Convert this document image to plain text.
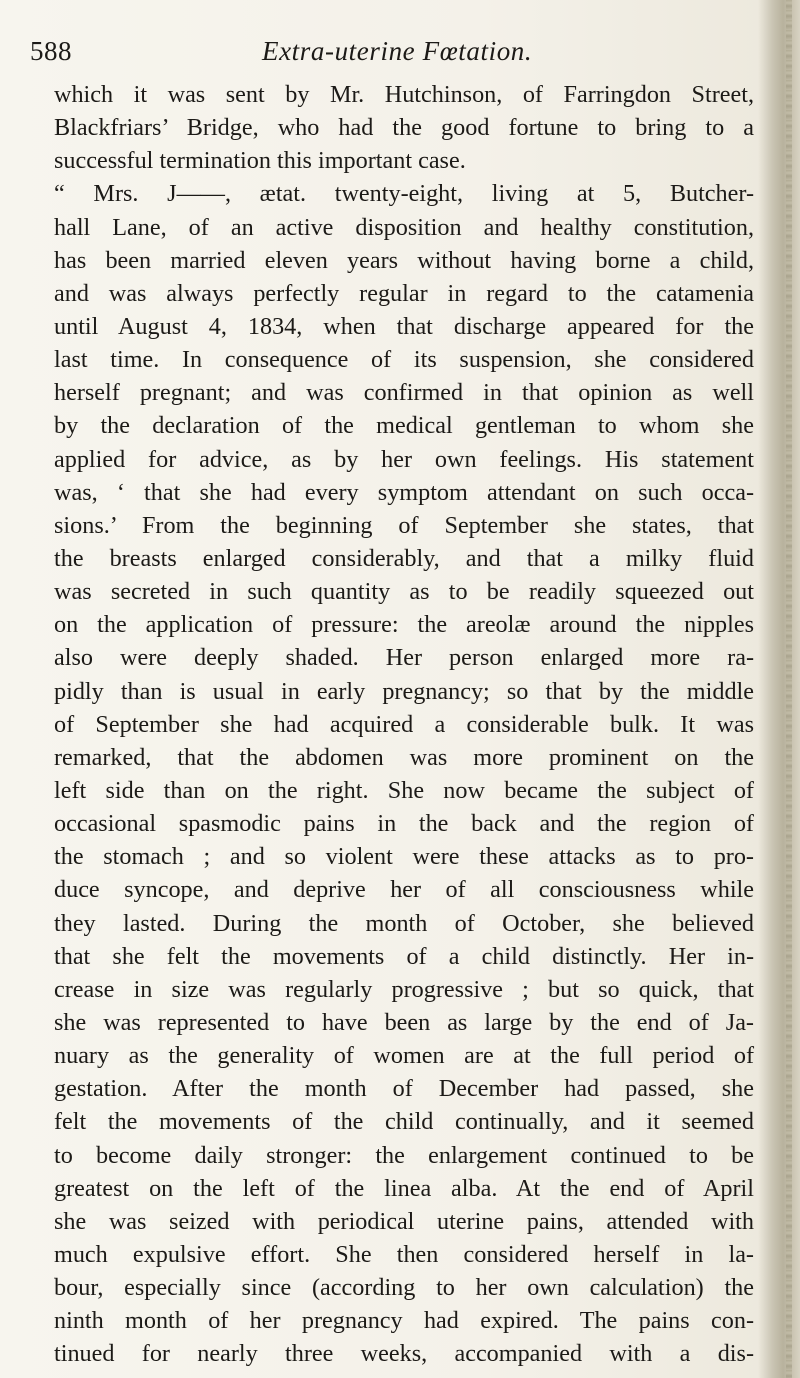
588	Extra-uterine Fœtation.
which it was sent by Mr. Hutchinson, of Farringdon Street,
Blackfriars’ Bridge, who had the good fortune to bring to a
successful termination this important case.
“ Mrs. J——, ætat. twenty-eight, living at 5, Butcher-
hall Lane, of an active disposition and healthy constitution,
has been married eleven years without having borne a child,
and was always perfectly regular in regard to the catamenia
until August 4, 1834, when that discharge appeared for the
last time. In consequence of its suspension, she considered
herself pregnant; and was confirmed in that opinion as well
by the declaration of the medical gentleman to whom she
applied for advice, as by her own feelings. His statement
was, ‘ that she had every symptom attendant on such occa-
sions.’ From the beginning of September she states, that
the breasts enlarged considerably, and that a milky fluid
was secreted in such quantity as to be readily squeezed out
on the application of pressure: the areolæ around the nipples
also were deeply shaded. Her person enlarged more ra-
pidly than is usual in early pregnancy; so that by the middle
of September she had acquired a considerable bulk. It was
remarked, that the abdomen was more prominent on the
left side than on the right. She now became the subject of
occasional spasmodic pains in the back and the region of
the stomach ; and so violent were these attacks as to pro-
duce syncope, and deprive her of all consciousness while
they lasted. During the month of October, she believed
that she felt the movements of a child distinctly. Her in-
crease in size was regularly progressive ; but so quick, that
she was represented to have been as large by the end of Ja-
nuary as the generality of women are at the full period of
gestation. After the month of December had passed, she
felt the movements of the child continually, and it seemed
to become daily stronger: the enlargement continued to be
greatest on the left of the linea alba. At the end of April
she was seized with periodical uterine pains, attended with
much expulsive effort. She then considered herself in la-
bour, especially since (according to her own calculation) the
ninth month of her pregnancy had expired. The pains con-
tinued for nearly three weeks, accompanied with a dis-
